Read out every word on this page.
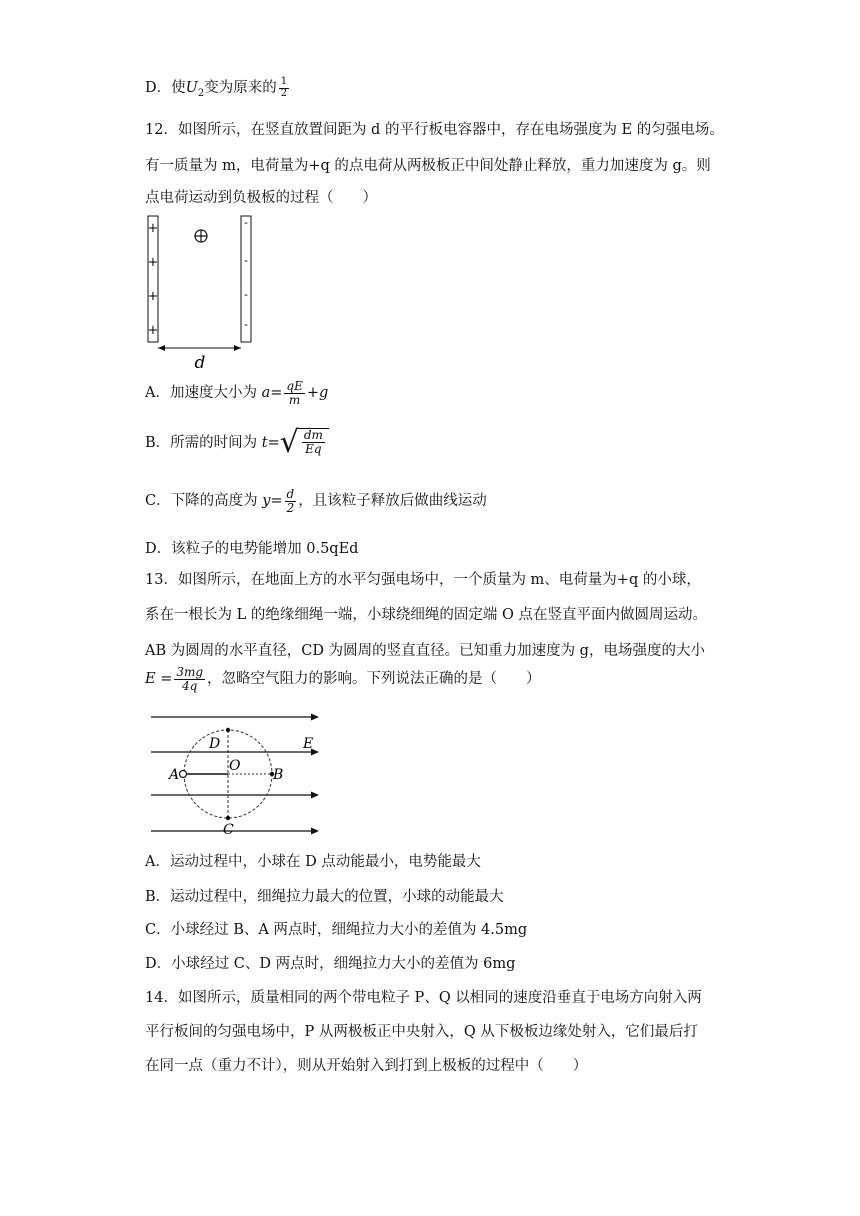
D．使$U_2$变为原来的 $\frac{1}{2}$
12．如图所示，在竖直放置间距为 d 的平行板电容器中，存在电场强度为 E 的匀强电场。
有一质量为 m，电荷量为+q 的点电荷从两极板正中间处静止释放，重力加速度为 g。则
点电荷运动到负极板的过程（　　）
+
+
+
+
-
-
-
-
d
A．加速度大小为 $a= \frac{qE}{m} +g$
B．所需的时间为 t= √ $\frac{dm}{Eq}$
C．下降的高度为 $y= \frac{d}{2}$ ，且该粒子释放后做曲线运动
D．该粒子的电势能增加 0.5qEd
13．如图所示，在地面上方的水平匀强电场中，一个质量为 m、电荷量为+q 的小球，
系在一根长为 L 的绝缘细绳一端，小球绕细绳的固定端 O 点在竖直平面内做圆周运动。
AB 为圆周的水平直径，CD 为圆周的竖直直径。已知重力加速度为 g，电场强度的大小
$E = \frac{3mg}{4q}$ ，忽略空气阻力的影响。下列说法正确的是（　　）
A	B
C
D
O
E
A．运动过程中，小球在 D 点动能最小，电势能最大
B．运动过程中，细绳拉力最大的位置，小球的动能最大
C．小球经过 B、A 两点时，细绳拉力大小的差值为 4.5mg
D．小球经过 C、D 两点时，细绳拉力大小的差值为 6mg
14．如图所示，质量相同的两个带电粒子 P、Q 以相同的速度沿垂直于电场方向射入两
平行板间的匀强电场中，P 从两极板正中央射入，Q 从下极板边缘处射入，它们最后打
在同一点（重力不计），则从开始射入到打到上极板的过程中（　　）
